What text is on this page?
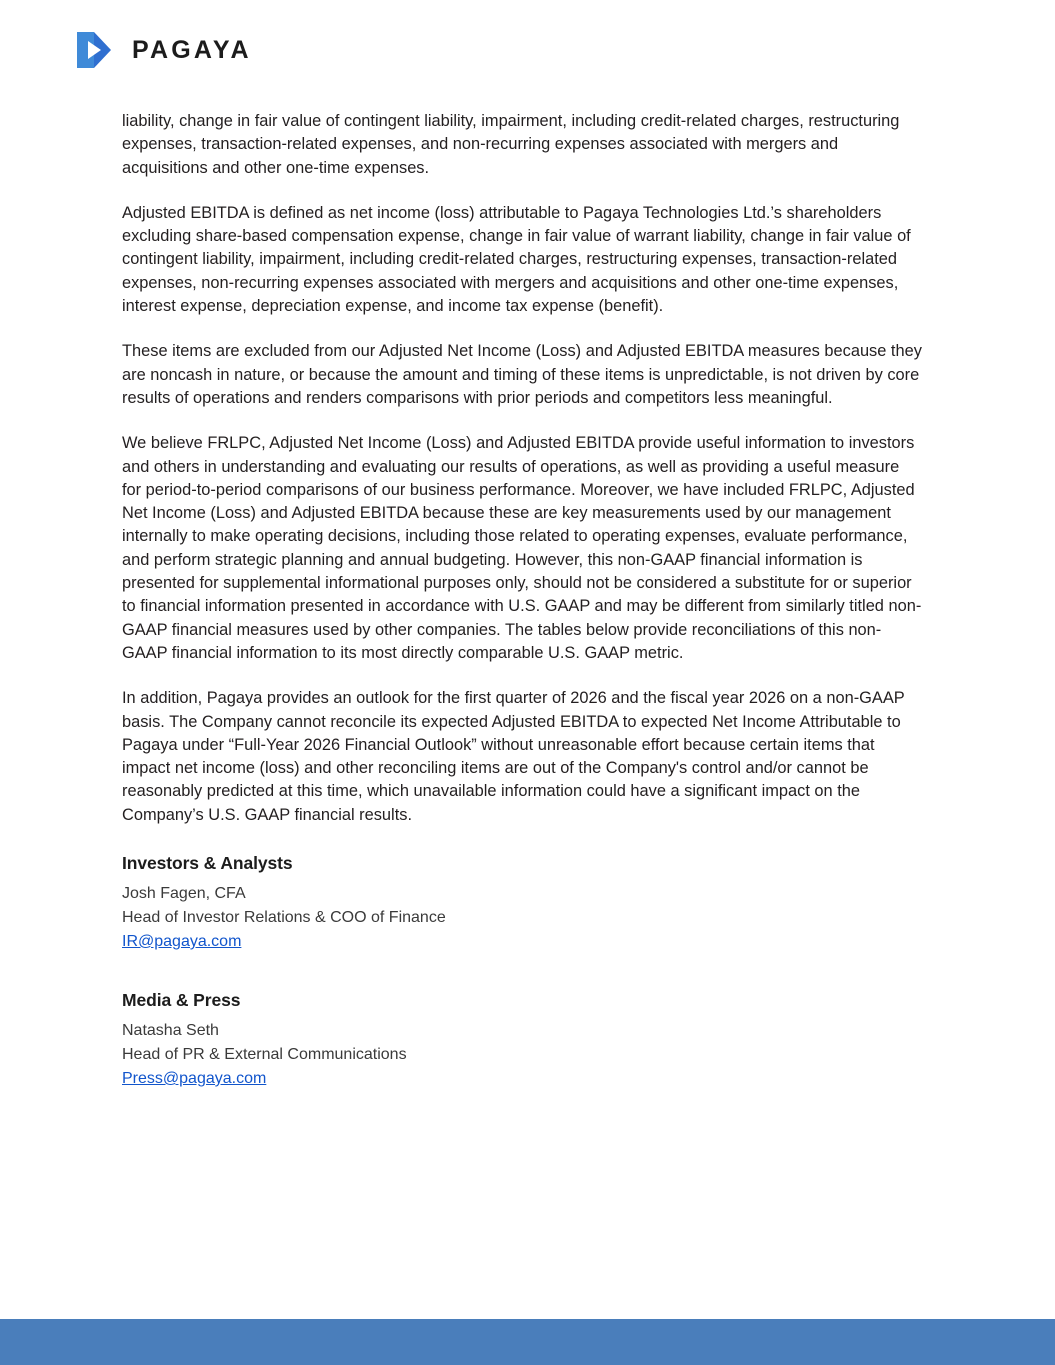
PAGAYA

liability, change in fair value of contingent liability, impairment, including credit-related charges, restructuring expenses, transaction-related expenses, and non-recurring expenses associated with mergers and acquisitions and other one-time expenses.

Adjusted EBITDA is defined as net income (loss) attributable to Pagaya Technologies Ltd.’s shareholders excluding share-based compensation expense, change in fair value of warrant liability, change in fair value of contingent liability, impairment, including credit-related charges, restructuring expenses, transaction-related expenses, non-recurring expenses associated with mergers and acquisitions and other one-time expenses, interest expense, depreciation expense, and income tax expense (benefit).

These items are excluded from our Adjusted Net Income (Loss) and Adjusted EBITDA measures because they are noncash in nature, or because the amount and timing of these items is unpredictable, is not driven by core results of operations and renders comparisons with prior periods and competitors less meaningful.

We believe FRLPC, Adjusted Net Income (Loss) and Adjusted EBITDA provide useful information to investors and others in understanding and evaluating our results of operations, as well as providing a useful measure for period-to-period comparisons of our business performance. Moreover, we have included FRLPC, Adjusted Net Income (Loss) and Adjusted EBITDA because these are key measurements used by our management internally to make operating decisions, including those related to operating expenses, evaluate performance, and perform strategic planning and annual budgeting. However, this non-GAAP financial information is presented for supplemental informational purposes only, should not be considered a substitute for or superior to financial information presented in accordance with U.S. GAAP and may be different from similarly titled non-GAAP financial measures used by other companies. The tables below provide reconciliations of this non-GAAP financial information to its most directly comparable U.S. GAAP metric.

In addition, Pagaya provides an outlook for the first quarter of 2026 and the fiscal year 2026 on a non-GAAP basis. The Company cannot reconcile its expected Adjusted EBITDA to expected Net Income Attributable to Pagaya under “Full-Year 2026 Financial Outlook” without unreasonable effort because certain items that impact net income (loss) and other reconciling items are out of the Company's control and/or cannot be reasonably predicted at this time, which unavailable information could have a significant impact on the Company’s U.S. GAAP financial results.

Investors & Analysts
Josh Fagen, CFA
Head of Investor Relations & COO of Finance
IR@pagaya.com
Media & Press
Natasha Seth
Head of PR & External Communications
Press@pagaya.com
